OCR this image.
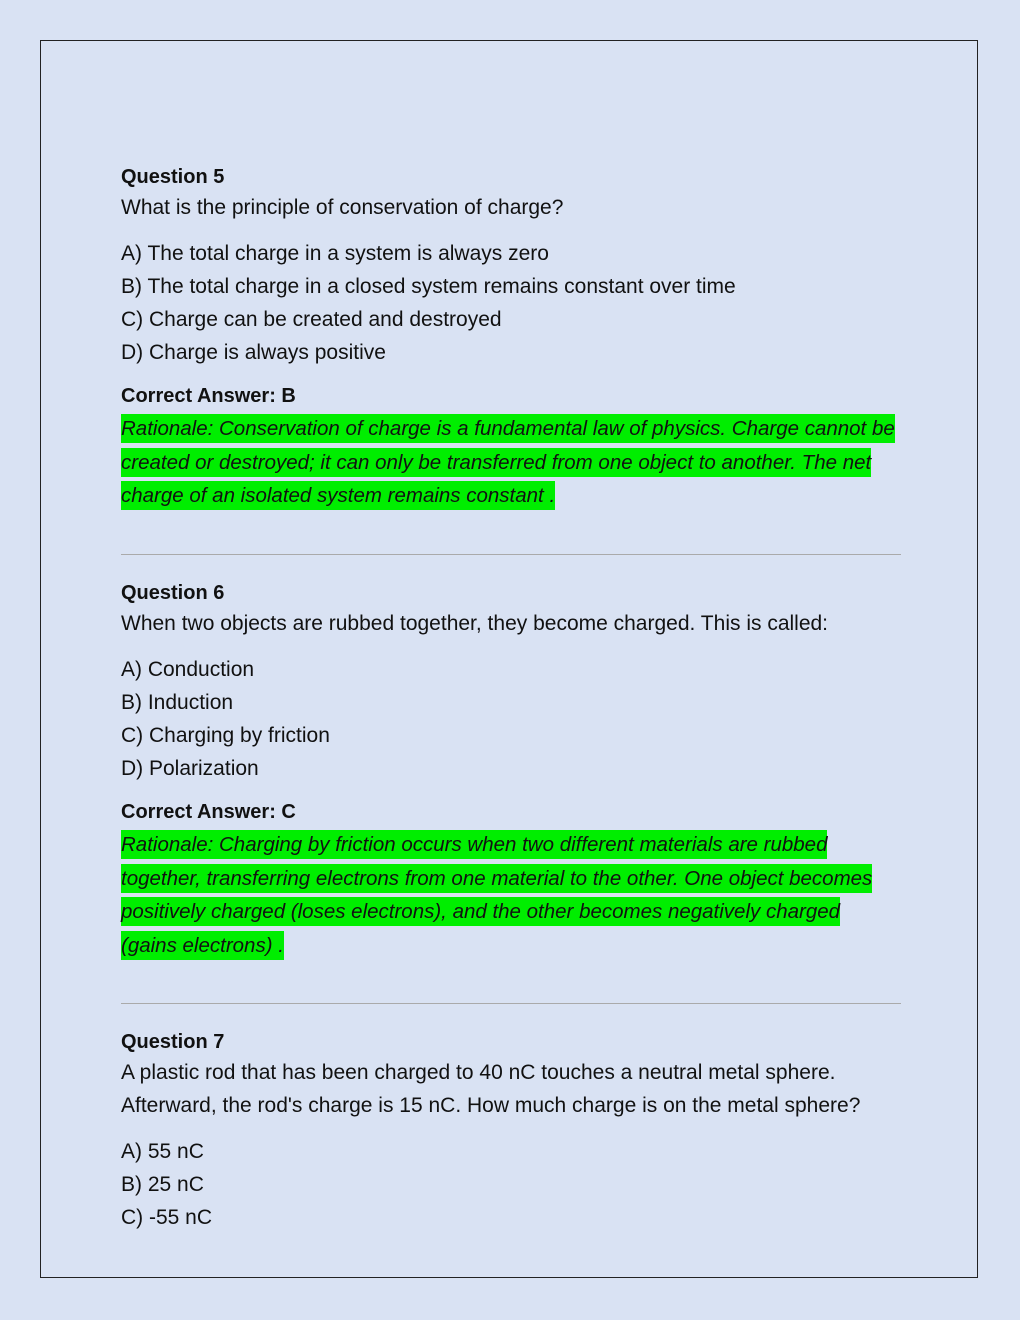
Question 5

What is the principle of conservation of charge?

A) The total charge in a system is always zero
B) The total charge in a closed system remains constant over time
C) Charge can be created and destroyed
D) Charge is always positive

Correct Answer: B

Rationale: Conservation of charge is a fundamental law of physics. Charge cannot be created or destroyed; it can only be transferred from one object to another. The net charge of an isolated system remains constant .

Question 6

When two objects are rubbed together, they become charged. This is called:

A) Conduction
B) Induction
C) Charging by friction
D) Polarization

Correct Answer: C

Rationale: Charging by friction occurs when two different materials are rubbed together, transferring electrons from one material to the other. One object becomes positively charged (loses electrons), and the other becomes negatively charged (gains electrons) .

Question 7

A plastic rod that has been charged to 40 nC touches a neutral metal sphere. Afterward, the rod's charge is 15 nC. How much charge is on the metal sphere?

A) 55 nC
B) 25 nC
C) -55 nC
